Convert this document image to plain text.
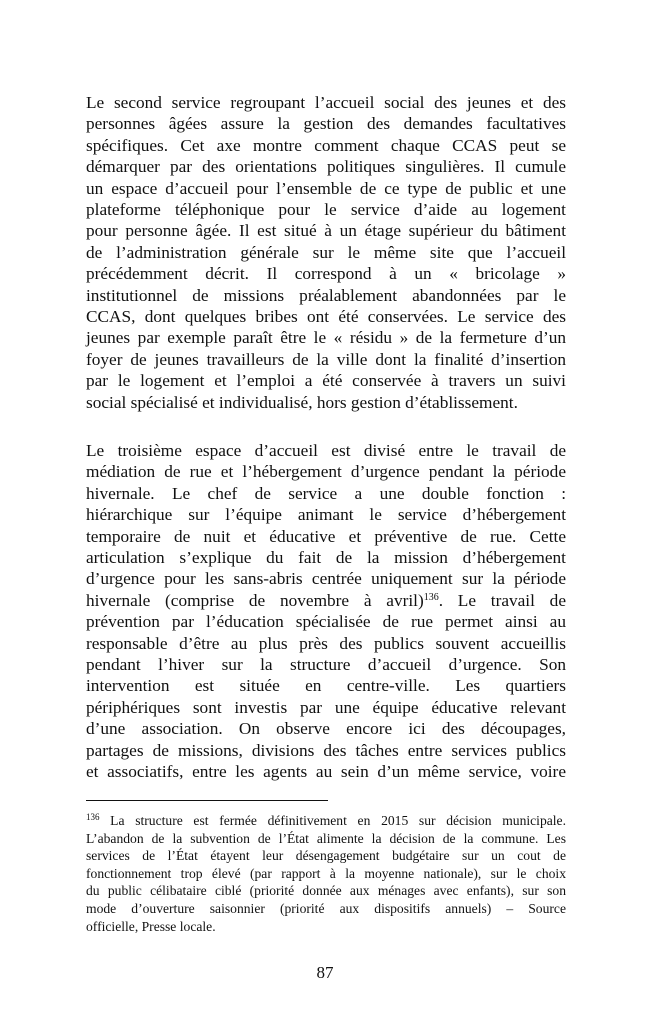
Le second service regroupant l’accueil social des jeunes et des
personnes âgées assure la gestion des demandes facultatives
spécifiques. Cet axe montre comment chaque CCAS peut se
démarquer par des orientations politiques singulières. Il cumule
un espace d’accueil pour l’ensemble de ce type de public et une
plateforme téléphonique pour le service d’aide au logement
pour personne âgée. Il est situé à un étage supérieur du bâtiment
de l’administration générale sur le même site que l’accueil
précédemment décrit. Il correspond à un « bricolage »
institutionnel de missions préalablement abandonnées par le
CCAS, dont quelques bribes ont été conservées. Le service des
jeunes par exemple paraît être le « résidu » de la fermeture d’un
foyer de jeunes travailleurs de la ville dont la finalité d’insertion
par le logement et l’emploi a été conservée à travers un suivi
social spécialisé et individualisé, hors gestion d’établissement.
Le troisième espace d’accueil est divisé entre le travail de
médiation de rue et l’hébergement d’urgence pendant la période
hivernale. Le chef de service a une double fonction :
hiérarchique sur l’équipe animant le service d’hébergement
temporaire de nuit et éducative et préventive de rue. Cette
articulation s’explique du fait de la mission d’hébergement
d’urgence pour les sans-abris centrée uniquement sur la période
hivernale (comprise de novembre à avril)$^{136}$. Le travail de
prévention par l’éducation spécialisée de rue permet ainsi au
responsable d’être au plus près des publics souvent accueillis
pendant l’hiver sur la structure d’accueil d’urgence. Son
intervention est située en centre-ville. Les quartiers
périphériques sont investis par une équipe éducative relevant
d’une association. On observe encore ici des découpages,
partages de missions, divisions des tâches entre services publics
et associatifs, entre les agents au sein d’un même service, voire
$^{136}$ La structure est fermée définitivement en 2015 sur décision municipale.
L’abandon de la subvention de l’État alimente la décision de la commune. Les
services de l’État étayent leur désengagement budgétaire sur un cout de
fonctionnement trop élevé (par rapport à la moyenne nationale), sur le choix
du public célibataire ciblé (priorité donnée aux ménages avec enfants), sur son
mode d’ouverture saisonnier (priorité aux dispositifs annuels) – Source
officielle, Presse locale.
87
